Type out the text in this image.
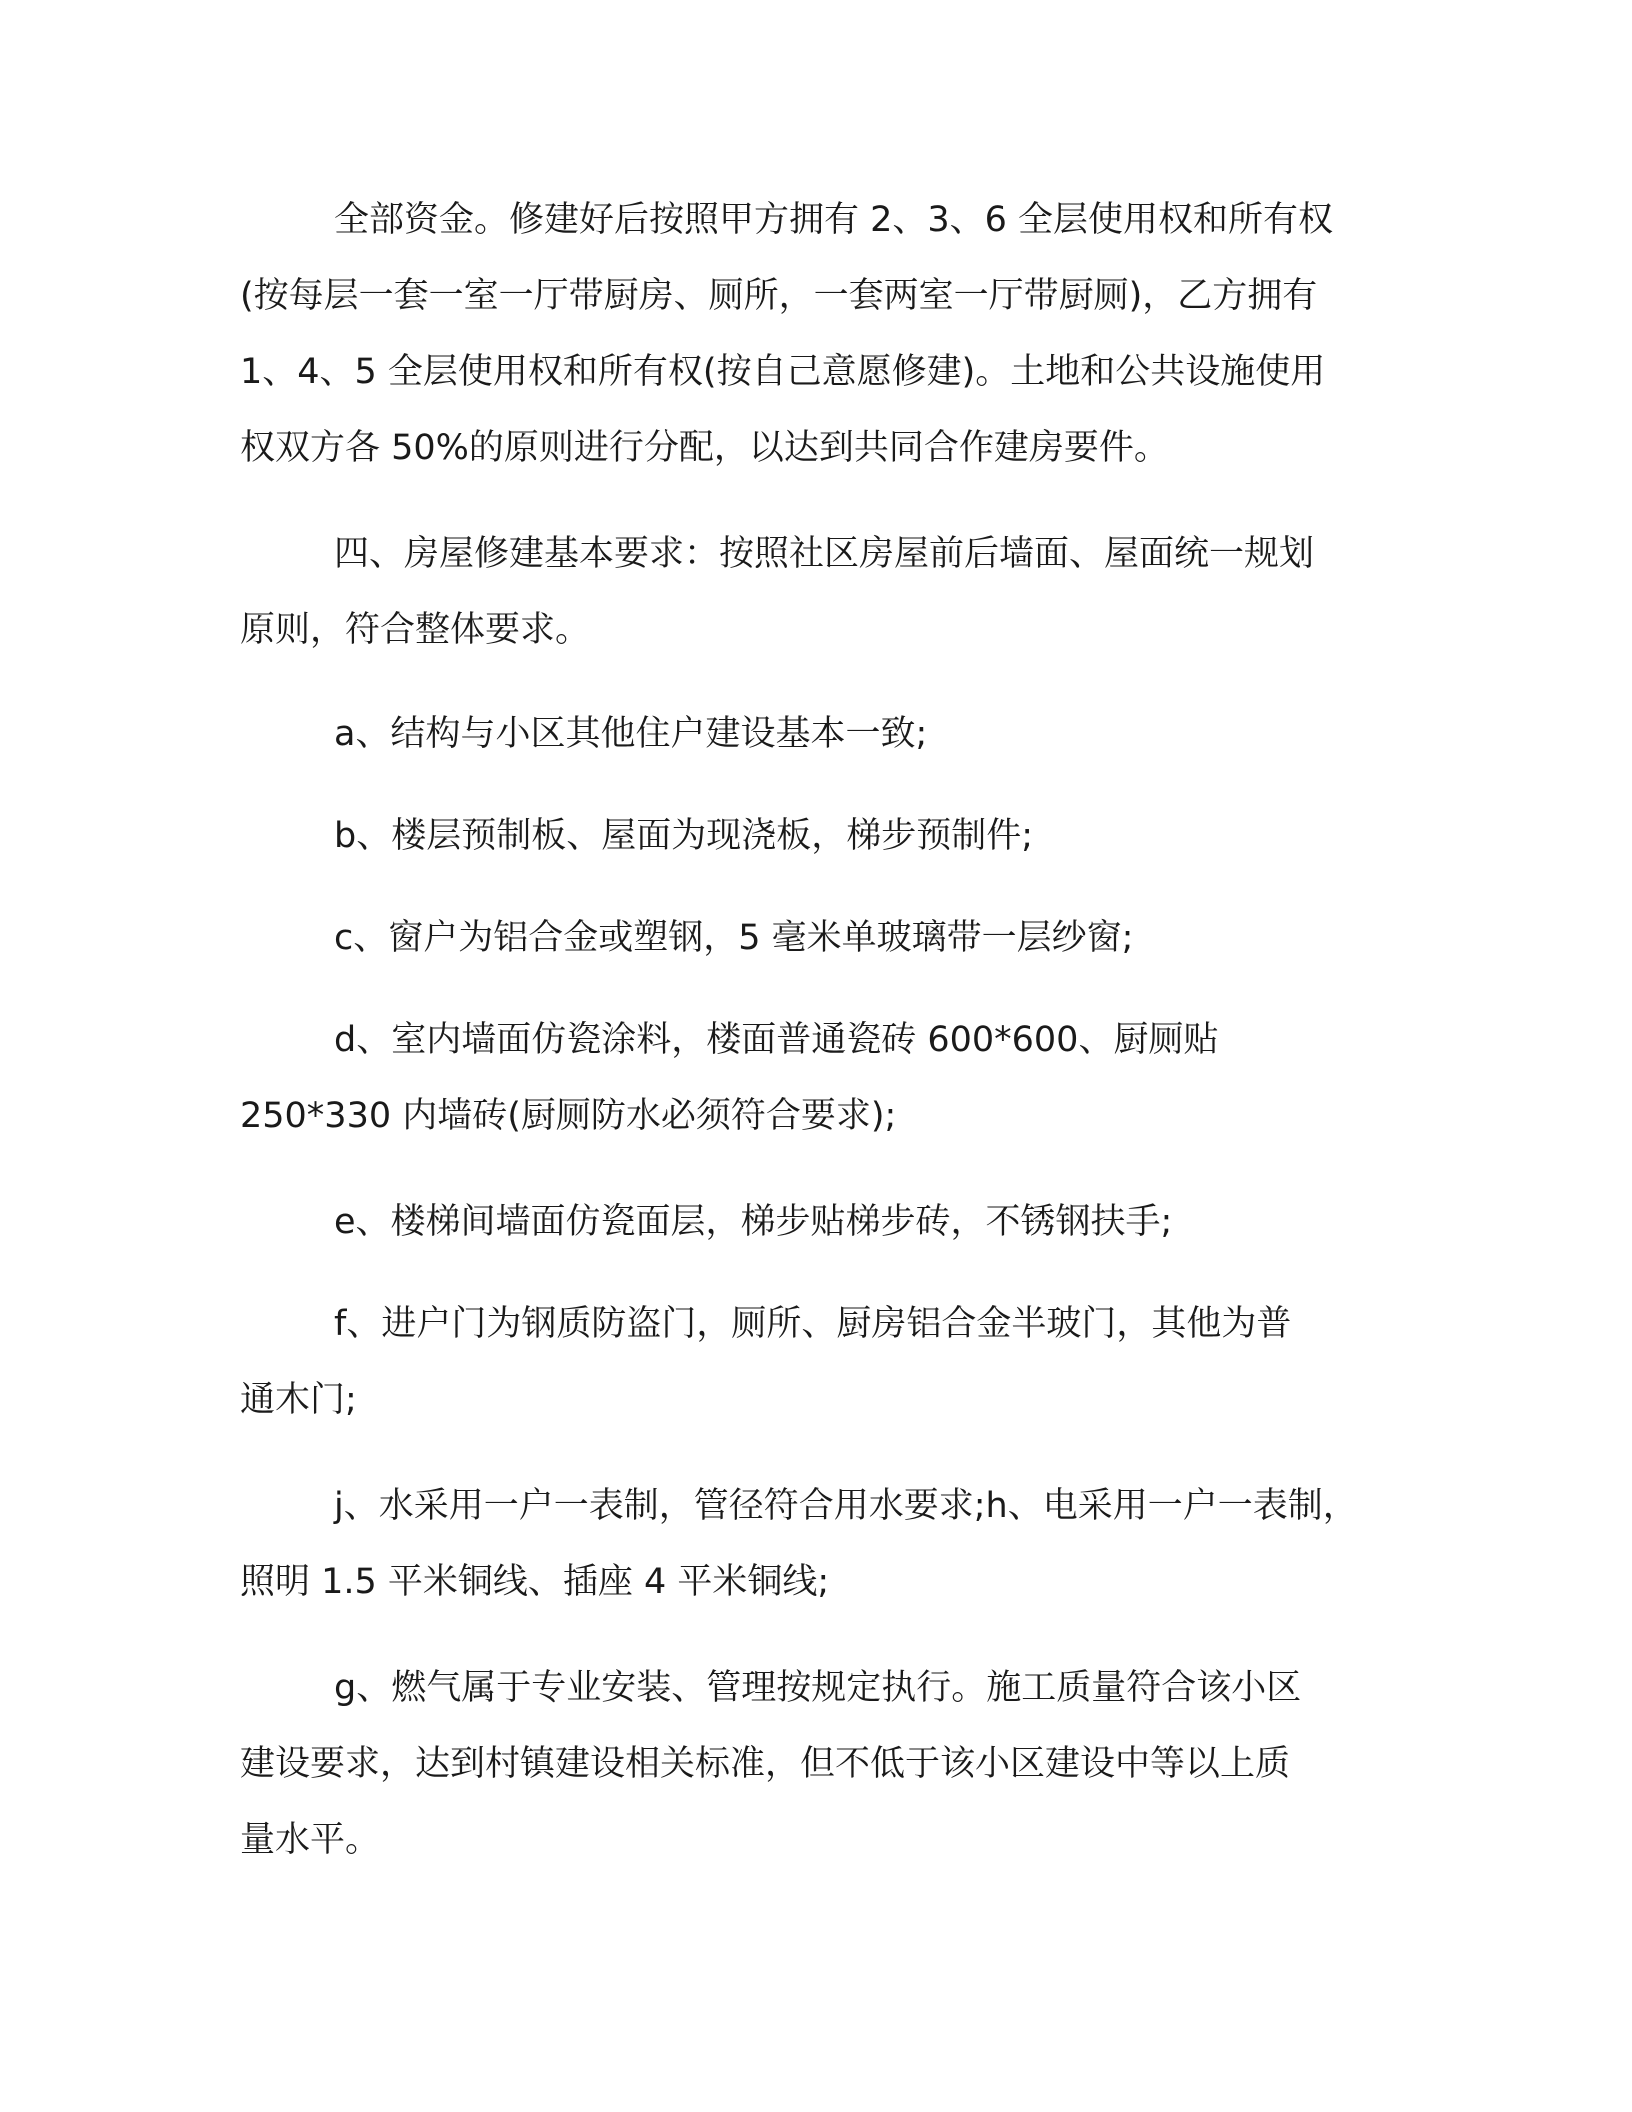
全部资金。修建好后按照甲方拥有 2、3、6 全层使用权和所有权
(按每层一套一室一厅带厨房、厕所，一套两室一厅带厨厕)，乙方拥有
1、4、5 全层使用权和所有权(按自己意愿修建)。土地和公共设施使用
权双方各 50%的原则进行分配，以达到共同合作建房要件。
四、房屋修建基本要求：按照社区房屋前后墙面、屋面统一规划
原则，符合整体要求。
a、结构与小区其他住户建设基本一致;
b、楼层预制板、屋面为现浇板，梯步预制件;
c、窗户为铝合金或塑钢，5 毫米单玻璃带一层纱窗;
d、室内墙面仿瓷涂料，楼面普通瓷砖 600*600、厨厕贴
250*330 内墙砖(厨厕防水必须符合要求);
e、楼梯间墙面仿瓷面层，梯步贴梯步砖，不锈钢扶手;
f、进户门为钢质防盗门，厕所、厨房铝合金半玻门，其他为普
通木门;
j、水采用一户一表制，管径符合用水要求;h、电采用一户一表制，
照明 1.5 平米铜线、插座 4 平米铜线;
g、燃气属于专业安装、管理按规定执行。施工质量符合该小区
建设要求，达到村镇建设相关标准，但不低于该小区建设中等以上质
量水平。
